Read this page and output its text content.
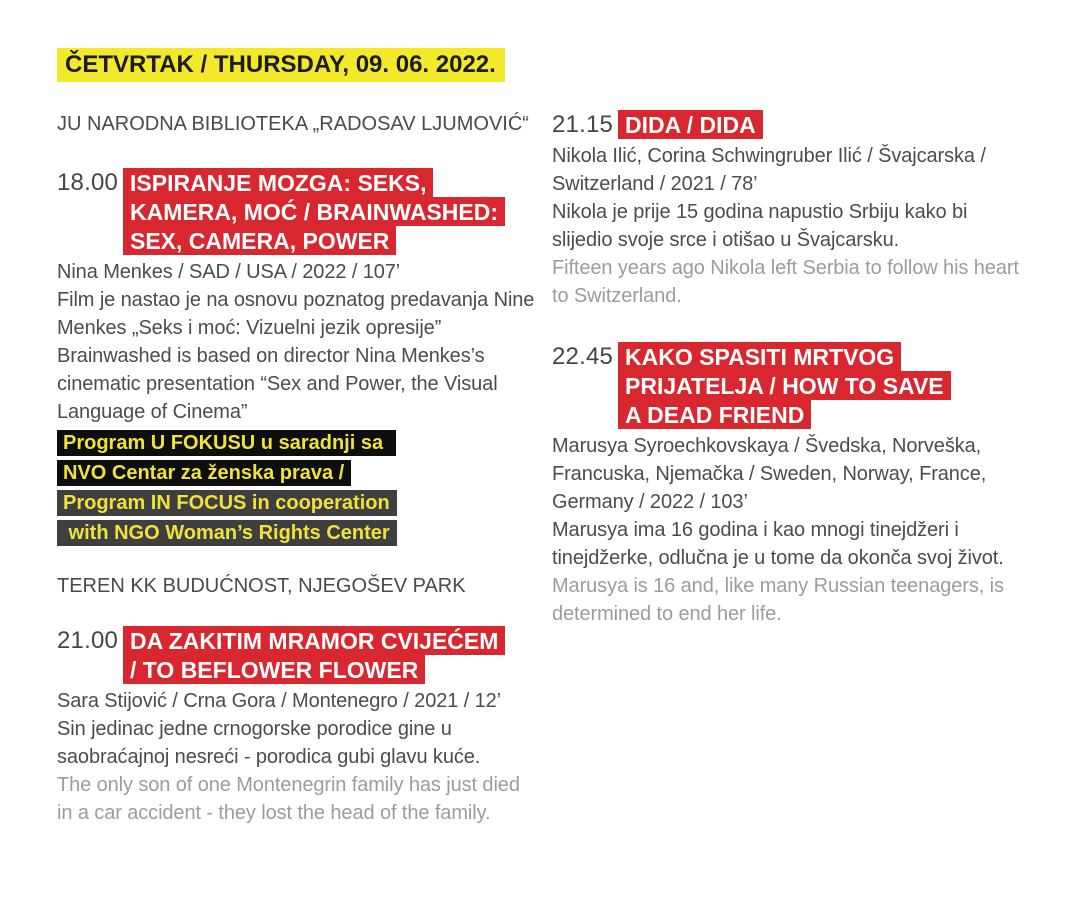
ČETVRTAK / THURSDAY, 09. 06. 2022.
JU NARODNA BIBLIOTEKA „RADOSAV LJUMOVIĆ“
18.00 ISPIRANJE MOZGA: SEKS,
KAMERA, MOĆ / BRAINWASHED:
SEX, CAMERA, POWER
Nina Menkes / SAD / USA / 2022 / 107’
Film je nastao je na osnovu poznatog predavanja Nine
Menkes „Seks i moć: Vizuelni jezik opresije”
Brainwashed is based on director Nina Menkes’s
cinematic presentation “Sex and Power, the Visual
Language of Cinema”
Program U FOKUSU u saradnji sa
NVO Centar za ženska prava /
Program IN FOCUS in cooperation
with NGO Woman’s Rights Center
TEREN KK BUDUĆNOST, NJEGOŠEV PARK
21.00 DA ZAKITIM MRAMOR CVIJEĆEM
/ TO BEFLOWER FLOWER
Sara Stijović / Crna Gora / Montenegro / 2021 / 12’
Sin jedinac jedne crnogorske porodice gine u
saobraćajnoj nesreći - porodica gubi glavu kuće.
The only son of one Montenegrin family has just died
in a car accident - they lost the head of the family.
21.15 DIDA / DIDA
Nikola Ilić, Corina Schwingruber Ilić / Švajcarska /
Switzerland / 2021 / 78’
Nikola je prije 15 godina napustio Srbiju kako bi
slijedio svoje srce i otišao u Švajcarsku.
Fifteen years ago Nikola left Serbia to follow his heart
to Switzerland.
22.45 KAKO SPASITI MRTVOG
PRIJATELJA / HOW TO SAVE
A DEAD FRIEND
Marusya Syroechkovskaya / Švedska, Norveška,
Francuska, Njemačka / Sweden, Norway, France,
Germany / 2022 / 103’
Marusya ima 16 godina i kao mnogi tinejdžeri i
tinejdžerke, odlučna je u tome da okonča svoj život.
Marusya is 16 and, like many Russian teenagers, is
determined to end her life.
